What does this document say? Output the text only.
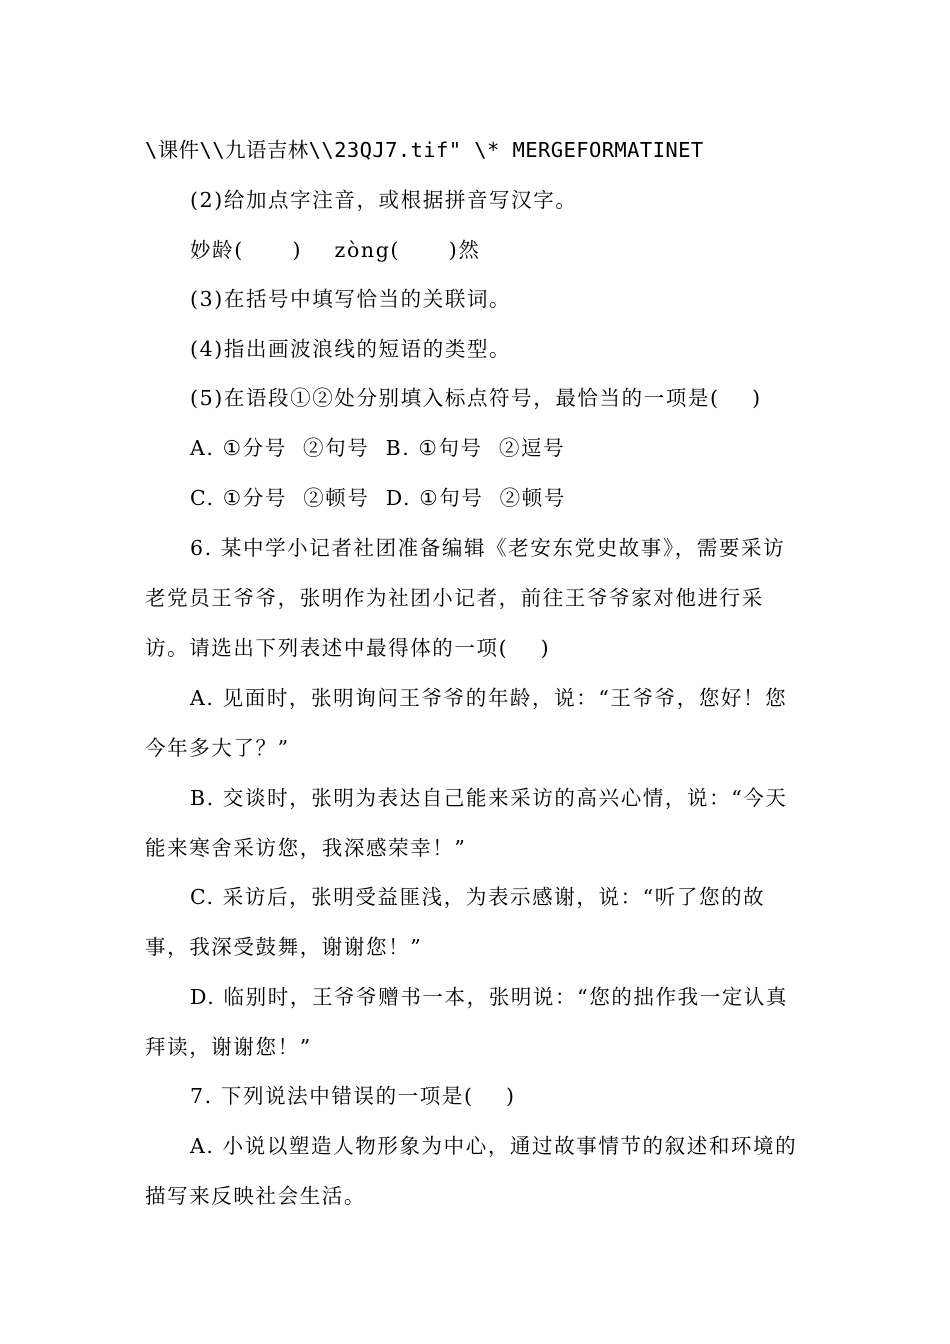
\课件\\九语吉林\\23QJ7.tif" \* MERGEFORMATINET
(2)给加点字注音，或根据拼音写汉字。
妙龄(      )    zòng(      )然
(3)在括号中填写恰当的关联词。
(4)指出画波浪线的短语的类型。
(5)在语段①②处分别填入标点符号，最恰当的一项是(    )
A. ①分号  ②句号  B. ①句号  ②逗号
C. ①分号  ②顿号  D. ①句号  ②顿号
6. 某中学小记者社团准备编辑《老安东党史故事》，需要采访
老党员王爷爷，张明作为社团小记者，前往王爷爷家对他进行采
访。请选出下列表述中最得体的一项(    )
A. 见面时，张明询问王爷爷的年龄，说：“王爷爷，您好！您
今年多大了？”
B. 交谈时，张明为表达自己能来采访的高兴心情，说：“今天
能来寒舍采访您，我深感荣幸！”
C. 采访后，张明受益匪浅，为表示感谢，说：“听了您的故
事，我深受鼓舞，谢谢您！”
D. 临别时，王爷爷赠书一本，张明说：“您的拙作我一定认真
拜读，谢谢您！”
7. 下列说法中错误的一项是(    )
A. 小说以塑造人物形象为中心，通过故事情节的叙述和环境的
描写来反映社会生活。
